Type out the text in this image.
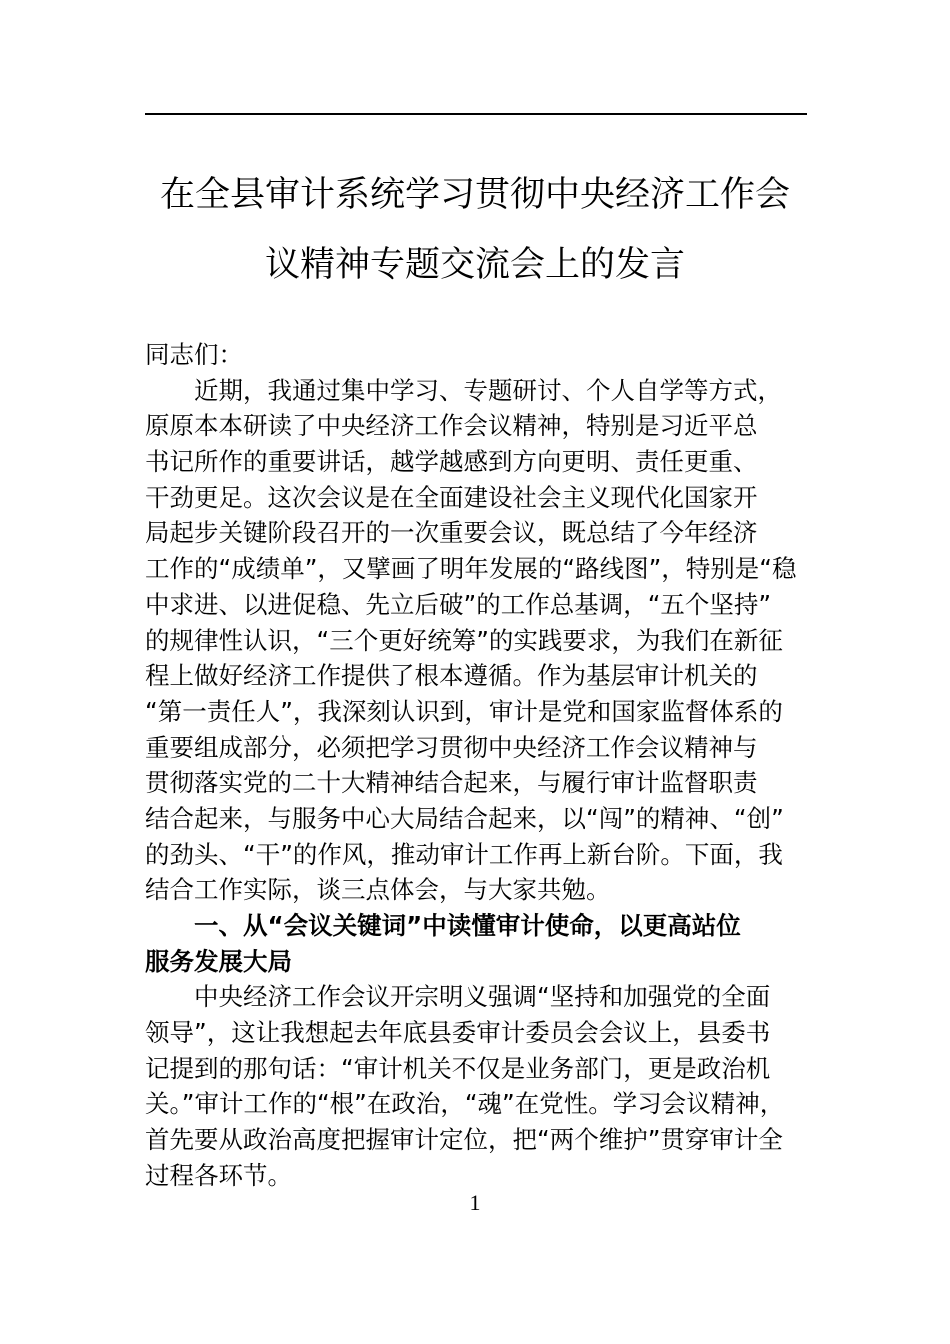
在全县审计系统学习贯彻中央经济工作会
议精神专题交流会上的发言
同志们：
近期，我通过集中学习、专题研讨、个人自学等方式，
原原本本研读了中央经济工作会议精神，特别是习近平总
书记所作的重要讲话，越学越感到方向更明、责任更重、
干劲更足。这次会议是在全面建设社会主义现代化国家开
局起步关键阶段召开的一次重要会议，既总结了今年经济
工作的“成绩单”，又擘画了明年发展的“路线图”，特别是“稳
中求进、以进促稳、先立后破”的工作总基调，“五个坚持”
的规律性认识，“三个更好统筹”的实践要求，为我们在新征
程上做好经济工作提供了根本遵循。作为基层审计机关的
“第一责任人”，我深刻认识到，审计是党和国家监督体系的
重要组成部分，必须把学习贯彻中央经济工作会议精神与
贯彻落实党的二十大精神结合起来，与履行审计监督职责
结合起来，与服务中心大局结合起来，以“闯”的精神、“创”
的劲头、“干”的作风，推动审计工作再上新台阶。下面，我
结合工作实际，谈三点体会，与大家共勉。
一、从“会议关键词”中读懂审计使命，以更高站位
服务发展大局
中央经济工作会议开宗明义强调“坚持和加强党的全面
领导”，这让我想起去年底县委审计委员会会议上，县委书
记提到的那句话：“审计机关不仅是业务部门，更是政治机
关。”审计工作的“根”在政治，“魂”在党性。学习会议精神，
首先要从政治高度把握审计定位，把“两个维护”贯穿审计全
过程各环节。
1
